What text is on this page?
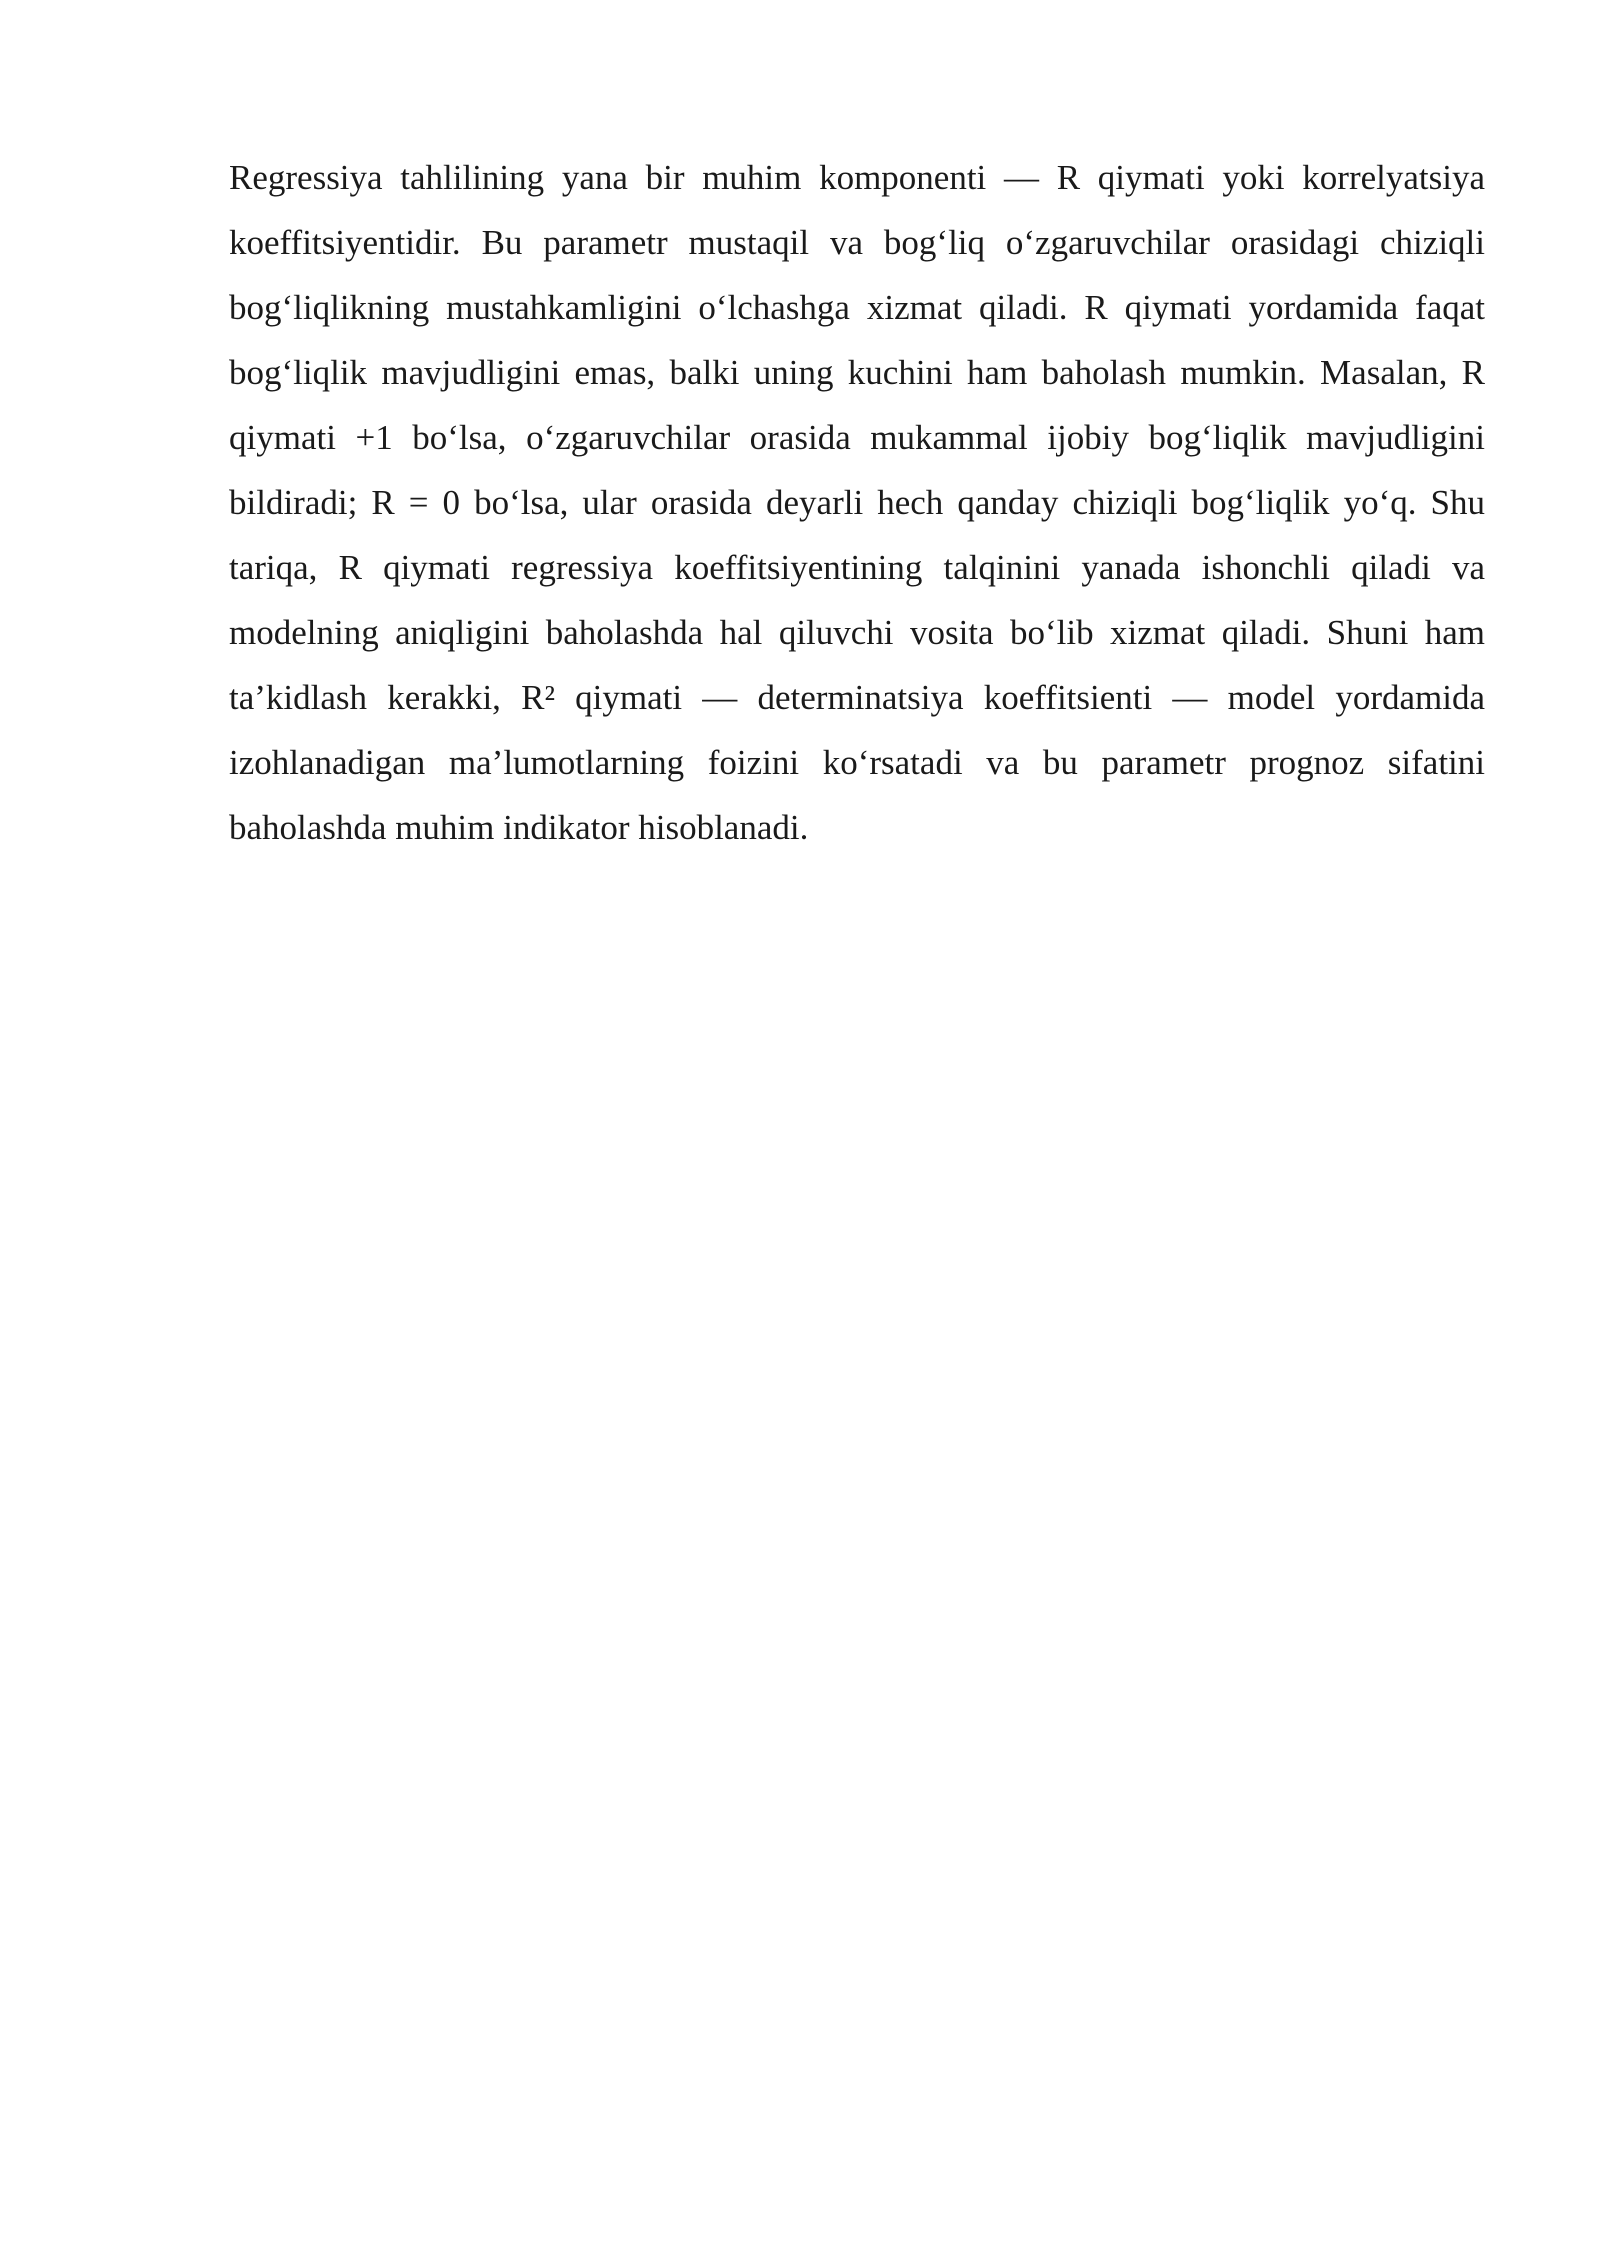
Regressiya tahlilining yana bir muhim komponenti — R qiymati yoki korrelyatsiya koeffitsiyentidir. Bu parametr mustaqil va bog‘liq o‘zgaruvchilar orasidagi chiziqli bog‘liqlikning mustahkamligini o‘lchashga xizmat qiladi. R qiymati yordamida faqat bog‘liqlik mavjudligini emas, balki uning kuchini ham baholash mumkin. Masalan, R qiymati +1 bo‘lsa, o‘zgaruvchilar orasida mukammal ijobiy bog‘liqlik mavjudligini bildiradi; R = 0 bo‘lsa, ular orasida deyarli hech qanday chiziqli bog‘liqlik yo‘q. Shu tariqa, R qiymati regressiya koeffitsiyentining talqinini yanada ishonchli qiladi va modelning aniqligini baholashda hal qiluvchi vosita bo‘lib xizmat qiladi. Shuni ham ta’kidlash kerakki, R² qiymati — determinatsiya koeffitsienti — model yordamida izohlanadigan ma’lumotlarning foizini ko‘rsatadi va bu parametr prognoz sifatini baholashda muhim indikator hisoblanadi.
